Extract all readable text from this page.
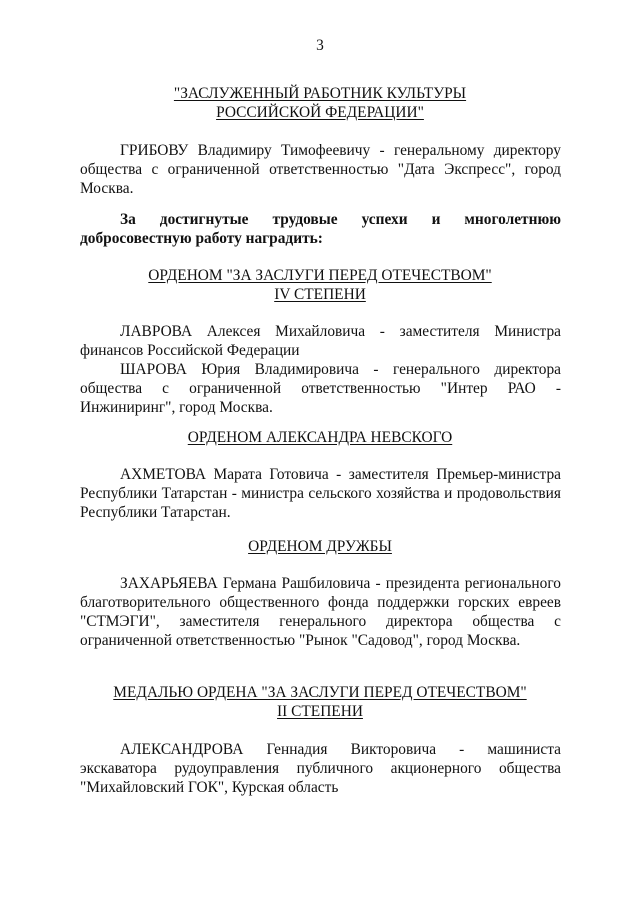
3
"ЗАСЛУЖЕННЫЙ РАБОТНИК КУЛЬТУРЫ
РОССИЙСКОЙ ФЕДЕРАЦИИ"

ГРИБОВУ Владимиру Тимофеевичу - генеральному директору общества с ограниченной ответственностью "Дата Экспресс", город Москва.

За достигнутые трудовые успехи и многолетнюю добросовестную работу наградить:

ОРДЕНОМ "ЗА ЗАСЛУГИ ПЕРЕД ОТЕЧЕСТВОМ"
IV СТЕПЕНИ

ЛАВРОВА Алексея Михайловича - заместителя Министра финансов Российской Федерации

ШАРОВА Юрия Владимировича - генерального директора общества с ограниченной ответственностью "Интер РАО - Инжиниринг", город Москва.

ОРДЕНОМ АЛЕКСАНДРА НЕВСКОГО

АХМЕТОВА Марата Готовича - заместителя Премьер-министра Республики Татарстан - министра сельского хозяйства и продовольствия Республики Татарстан.

ОРДЕНОМ ДРУЖБЫ

ЗАХАРЬЯЕВА Германа Рашбиловича - президента регионального благотворительного общественного фонда поддержки горских евреев "СТМЭГИ", заместителя генерального директора общества с ограниченной ответственностью "Рынок "Садовод", город Москва.

МЕДАЛЬЮ ОРДЕНА "ЗА ЗАСЛУГИ ПЕРЕД ОТЕЧЕСТВОМ"
II СТЕПЕНИ

АЛЕКСАНДРОВА Геннадия Викторовича - машиниста экскаватора рудоуправления публичного акционерного общества "Михайловский ГОК", Курская область
